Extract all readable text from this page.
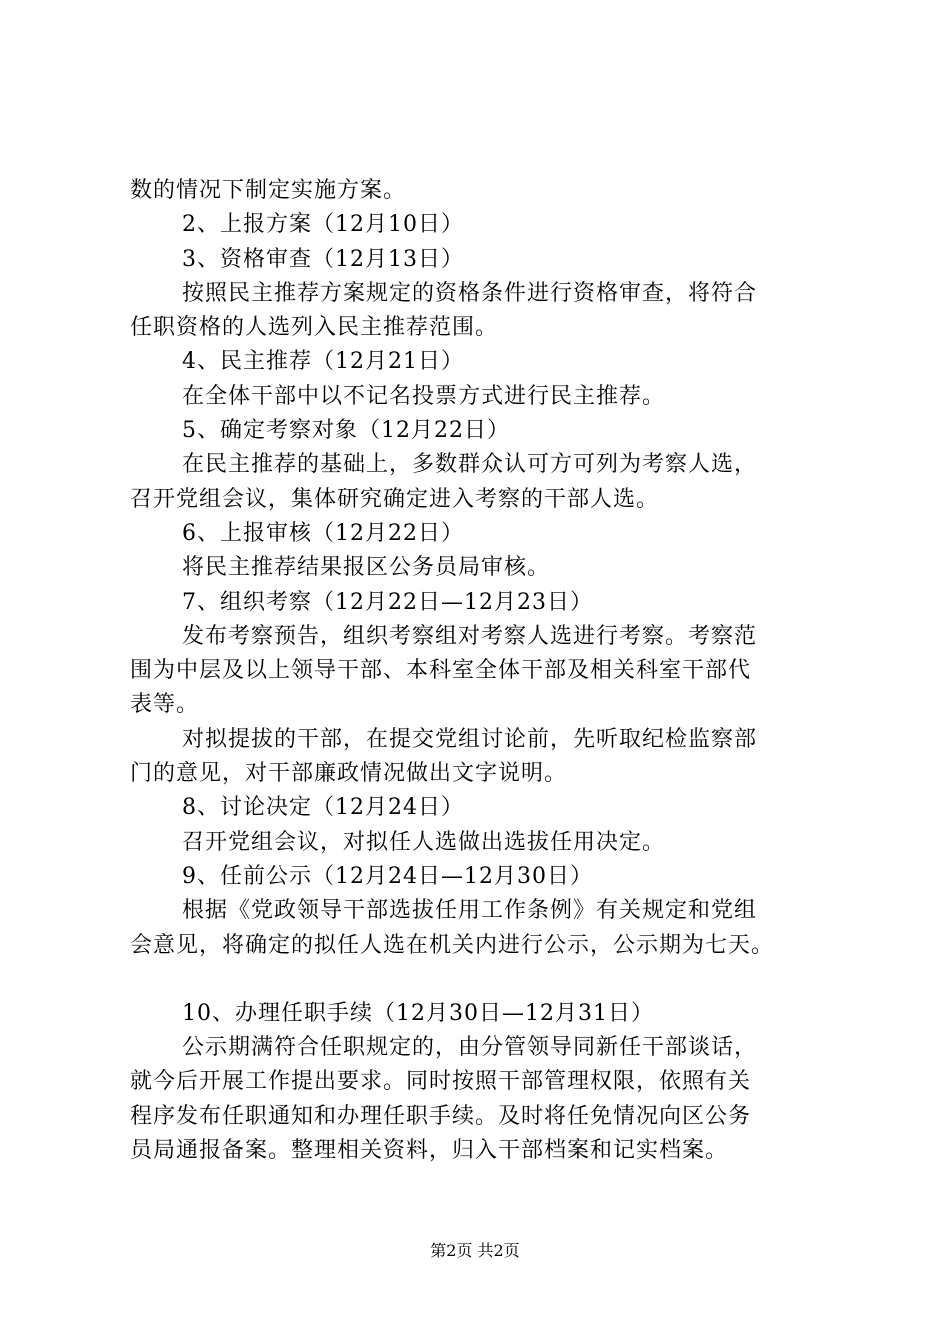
数的情况下制定实施方案。
2、上报方案（12月10日）
3、资格审查（12月13日）
按照民主推荐方案规定的资格条件进行资格审查，将符合
任职资格的人选列入民主推荐范围。
4、民主推荐（12月21日）
在全体干部中以不记名投票方式进行民主推荐。
5、确定考察对象（12月22日）
在民主推荐的基础上，多数群众认可方可列为考察人选，
召开党组会议，集体研究确定进入考察的干部人选。
6、上报审核（12月22日）
将民主推荐结果报区公务员局审核。
7、组织考察（12月22日—12月23日）
发布考察预告，组织考察组对考察人选进行考察。考察范
围为中层及以上领导干部、本科室全体干部及相关科室干部代
表等。
对拟提拔的干部，在提交党组讨论前，先听取纪检监察部
门的意见，对干部廉政情况做出文字说明。
8、讨论决定（12月24日）
召开党组会议，对拟任人选做出选拔任用决定。
9、任前公示（12月24日—12月30日）
根据《党政领导干部选拔任用工作条例》有关规定和党组
会意见，将确定的拟任人选在机关内进行公示，公示期为七天。
10、办理任职手续（12月30日—12月31日）
公示期满符合任职规定的，由分管领导同新任干部谈话，
就今后开展工作提出要求。同时按照干部管理权限，依照有关
程序发布任职通知和办理任职手续。及时将任免情况向区公务
员局通报备案。整理相关资料，归入干部档案和记实档案。
第2页 共2页
